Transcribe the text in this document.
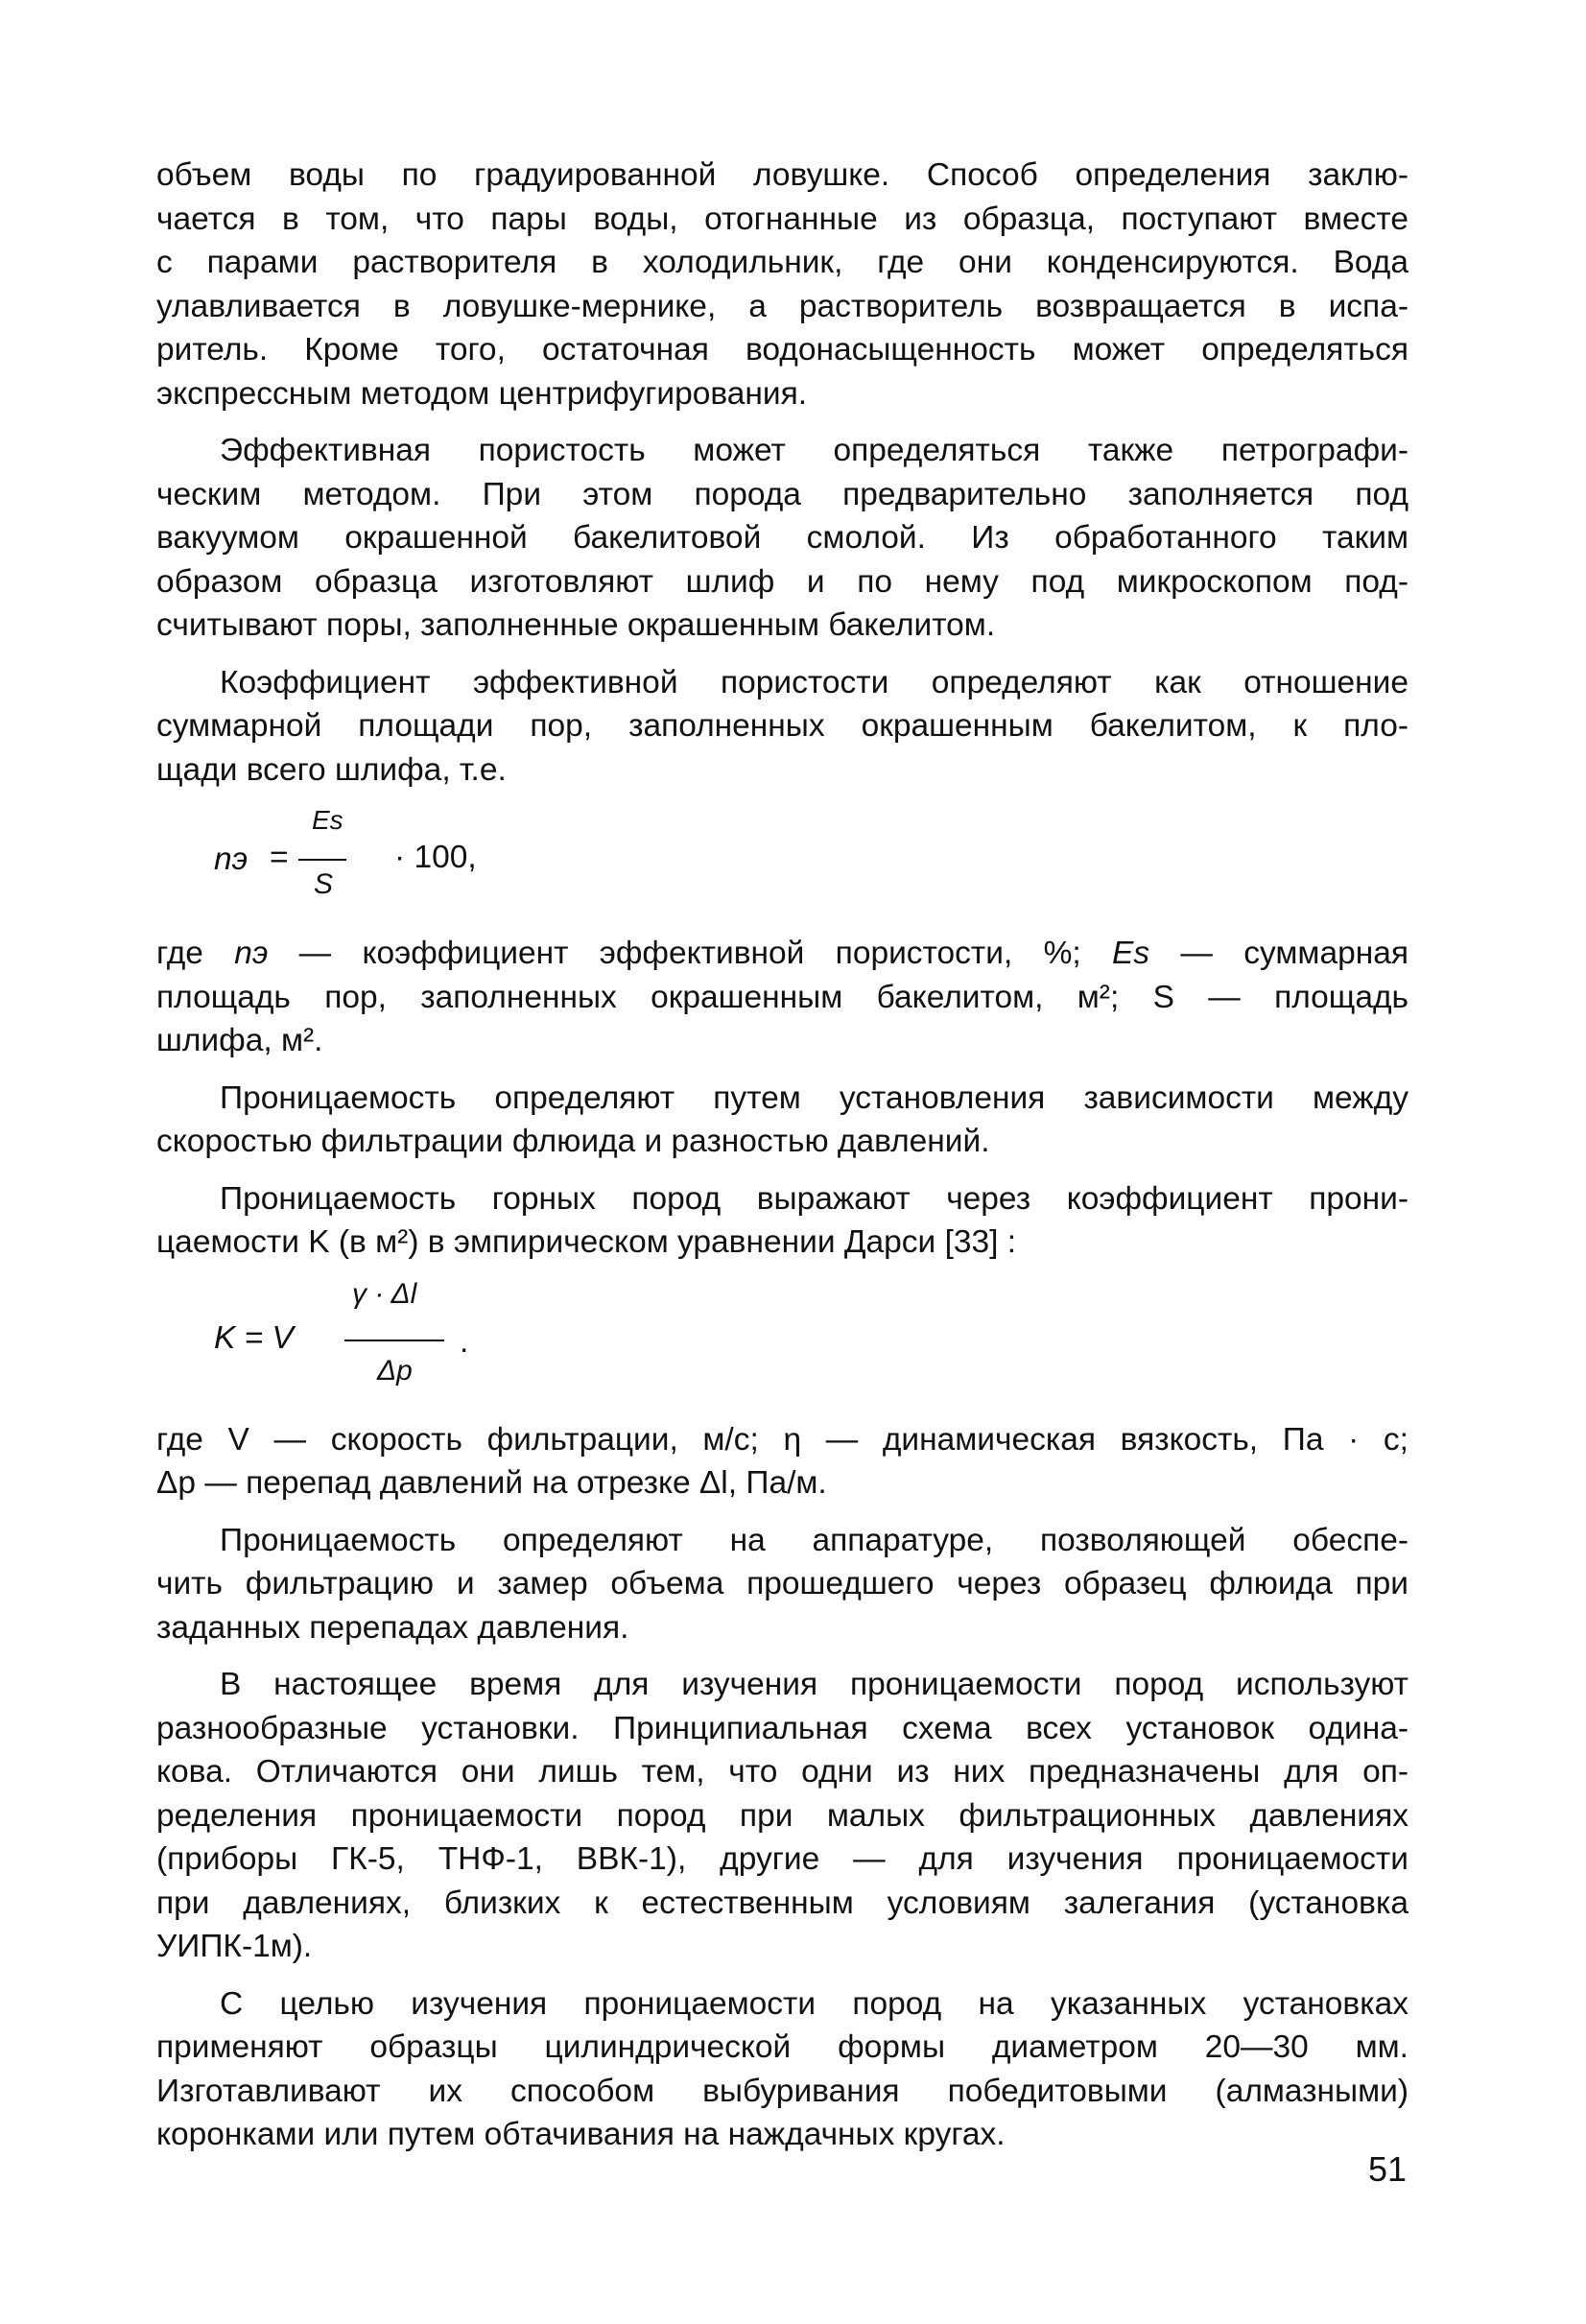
объем воды по градуированной ловушке. Способ определения заклю-
чается в том, что пары воды, отогнанные из образца, поступают вместе
с парами растворителя в холодильник, где они конденсируются. Вода
улавливается в ловушке-мернике, а растворитель возвращается в испа-
ритель. Кроме того, остаточная водонасыщенность может определяться
экспрессным методом центрифугирования.
Эффективная пористость может определяться также петрографи-
ческим методом. При этом порода предварительно заполняется под
вакуумом окрашенной бакелитовой смолой. Из обработанного таким
образом образца изготовляют шлиф и по нему под микроскопом под-
считывают поры, заполненные окрашенным бакелитом.
Коэффициент эффективной пористости определяют как отношение
суммарной площади пор, заполненных окрашенным бакелитом, к пло-
щади всего шлифа, т.е.
nэ =
Es
S
· 100,
где nэ — коэффициент эффективной пористости, %; Es — суммарная
площадь пор, заполненных окрашенным бакелитом, м²; S — площадь
шлифа, м².
Проницаемость определяют путем установления зависимости между
скоростью фильтрации флюида и разностью давлений.
Проницаемость горных пород выражают через коэффициент прони-
цаемости K (в м²) в эмпирическом уравнении Дарси [33] :
K = V
γ · Δl
Δp
.
где V — скорость фильтрации, м/с; η — динамическая вязкость, Па · с;
Δp — перепад давлений на отрезке Δl, Па/м.
Проницаемость определяют на аппаратуре, позволяющей обеспе-
чить фильтрацию и замер объема прошедшего через образец флюида при
заданных перепадах давления.
В настоящее время для изучения проницаемости пород используют
разнообразные установки. Принципиальная схема всех установок одина-
кова. Отличаются они лишь тем, что одни из них предназначены для оп-
ределения проницаемости пород при малых фильтрационных давлениях
(приборы ГК-5, ТНФ-1, ВВК-1), другие — для изучения проницаемости
при давлениях, близких к естественным условиям залегания (установка
УИПК-1м).
С целью изучения проницаемости пород на указанных установках
применяют образцы цилиндрической формы диаметром 20—30 мм.
Изготавливают их способом выбуривания победитовыми (алмазными)
коронками или путем обтачивания на наждачных кругах.
51
